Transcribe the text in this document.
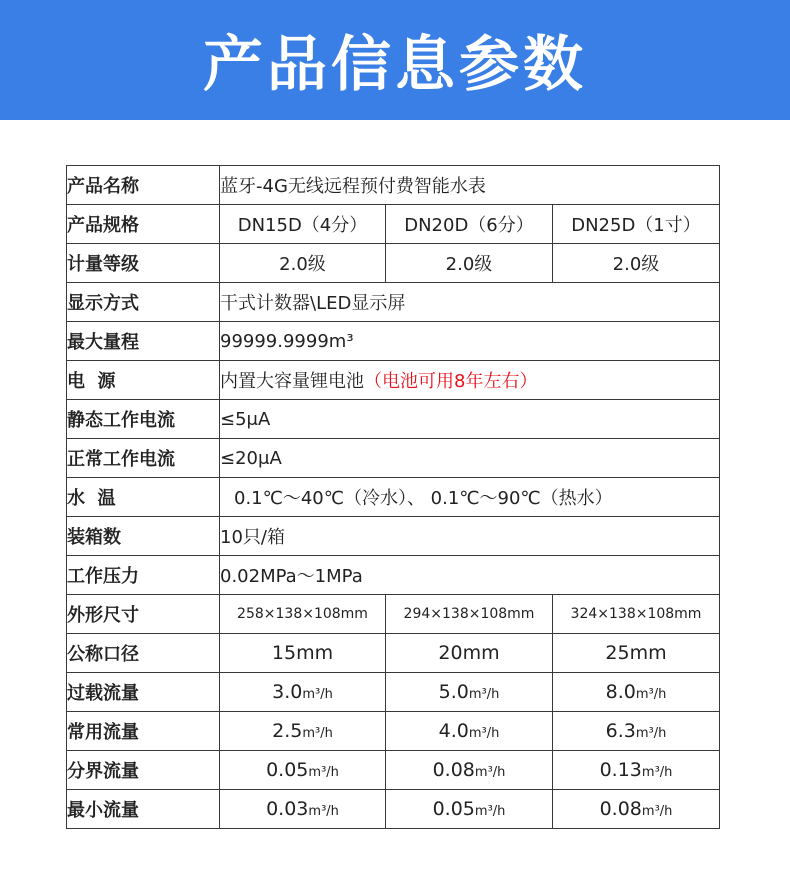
产品信息参数
产品名称	蓝牙-4G无线远程预付费智能水表		
产品规格	DN15D（4分）	DN20D（6分）	DN25D（1寸）
计量等级	2.0级	2.0级	2.0级
显示方式	干式计数器\LED显示屏		
最大量程	99999.9999m³		
电  源	内置大容量锂电池（电池可用8年左右）		
静态工作电流	≤5μA		
正常工作电流	≤20μA		
水  温	0.1℃～40℃（冷水）、 0.1℃～90℃（热水）		
装箱数	10只/箱		
工作压力	0.02MPa～1MPa		
外形尺寸	258×138×108mm	294×138×108mm	324×138×108mm
公称口径	15mm	20mm	25mm
过载流量	3.0m³/h	5.0m³/h	8.0m³/h
常用流量	2.5m³/h	4.0m³/h	6.3m³/h
分界流量	0.05m³/h	0.08m³/h	0.13m³/h
最小流量	0.03m³/h	0.05m³/h	0.08m³/h
